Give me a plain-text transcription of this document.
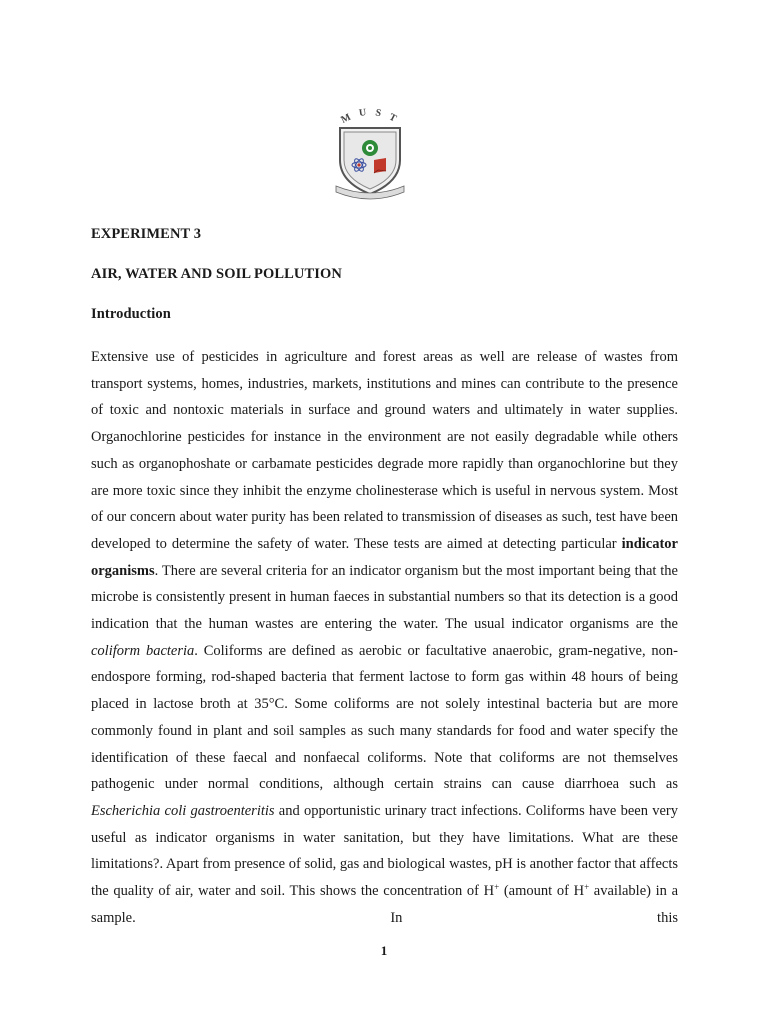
M U S T

EXPERIMENT 3

AIR, WATER AND SOIL POLLUTION

Introduction

Extensive use of pesticides in agriculture and forest areas as well are release of wastes from transport systems, homes, industries, markets, institutions and mines can contribute to the presence of toxic and nontoxic materials in surface and ground waters and ultimately in water supplies. Organochlorine pesticides for instance in the environment are not easily degradable while others such as organophoshate or carbamate pesticides degrade more rapidly than organochlorine but they are more toxic since they inhibit the enzyme cholinesterase which is useful in nervous system. Most of our concern about water purity has been related to transmission of diseases as such, test have been developed to determine the safety of water. These tests are aimed at detecting particular indicator organisms. There are several criteria for an indicator organism but the most important being that the microbe is consistently present in human faeces in substantial numbers so that its detection is a good indication that the human wastes are entering the water. The usual indicator organisms are the coliform bacteria. Coliforms are defined as aerobic or facultative anaerobic, gram-negative, non-endospore forming, rod-shaped bacteria that ferment lactose to form gas within 48 hours of being placed in lactose broth at 35°C. Some coliforms are not solely intestinal bacteria but are more commonly found in plant and soil samples as such many standards for food and water specify the identification of these faecal and nonfaecal coliforms. Note that coliforms are not themselves pathogenic under normal conditions, although certain strains can cause diarrhoea such as Escherichia coli gastroenteritis and opportunistic urinary tract infections. Coliforms have been very useful as indicator organisms in water sanitation, but they have limitations. What are these limitations?. Apart from presence of solid, gas and biological wastes, pH is another factor that affects the quality of air, water and soil. This shows the concentration of H+ (amount of H+ available) in a sample. In this

1
